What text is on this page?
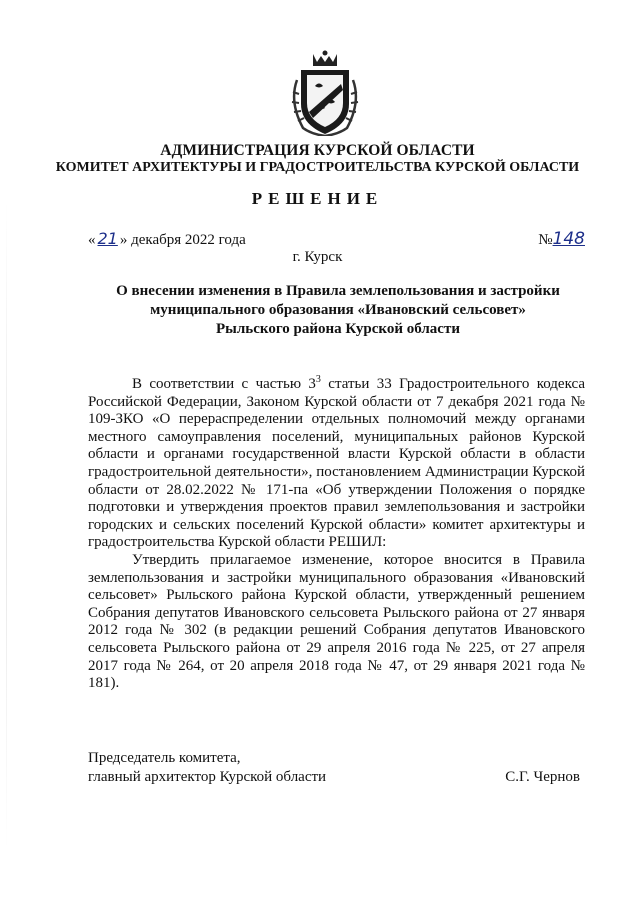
АДМИНИСТРАЦИЯ КУРСКОЙ ОБЛАСТИ
КОМИТЕТ АРХИТЕКТУРЫ И ГРАДОСТРОИТЕЛЬСТВА КУРСКОЙ ОБЛАСТИ
РЕШЕНИЕ
« 21 » декабря 2022 года	№148
г. Курск
О внесении изменения в Правила землепользования и застройки
муниципального образования «Ивановский сельсовет»
Рыльского района Курской области

В соответствии с частью $3^3$ статьи 33 Градостроительного кодекса Российской Федерации, Законом Курской области от 7 декабря 2021 года № 109-ЗКО «О перераспределении отдельных полномочий между органами местного самоуправления поселений, муниципальных районов Курской области и органами государственной власти Курской области в области градостроительной деятельности», постановлением Администрации Курской области от 28.02.2022 № 171-па «Об утверждении Положения о порядке подготовки и утверждения проектов правил землепользования и застройки городских и сельских поселений Курской области» комитет архитектуры и градостроительства Курской области РЕШИЛ:

Утвердить прилагаемое изменение, которое вносится в Правила землепользования и застройки муниципального образования «Ивановский сельсовет» Рыльского района Курской области, утвержденный решением Собрания депутатов Ивановского сельсовета Рыльского района от 27 января 2012 года № 302 (в редакции решений Собрания депутатов Ивановского сельсовета Рыльского района от 29 апреля 2016 года № 225, от 27 апреля 2017 года № 264, от 20 апреля 2018 года № 47, от 29 января 2021 года № 181).

Председатель комитета,
главный архитектор Курской области	С.Г. Чернов
